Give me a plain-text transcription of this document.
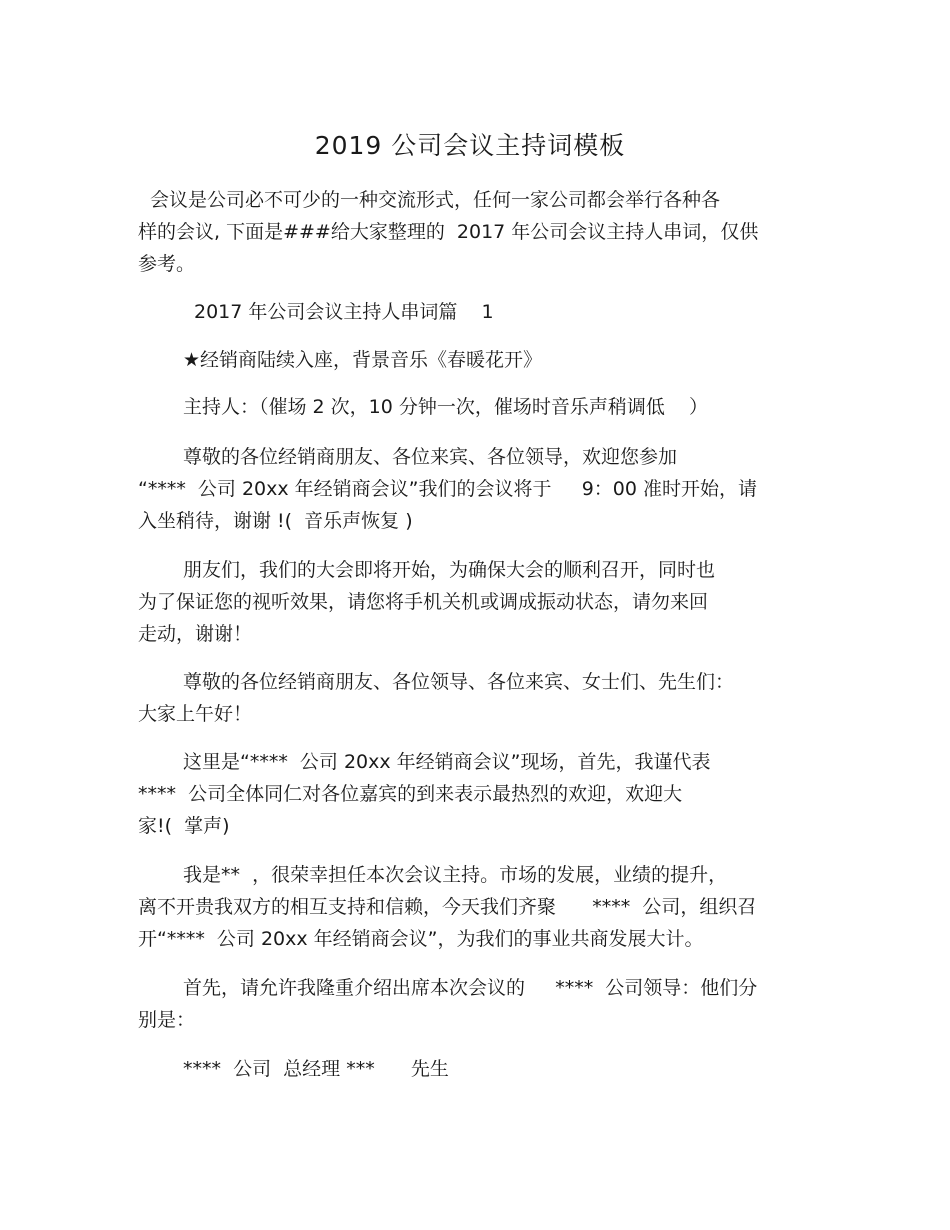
2019 公司会议主持词模板

会议是公司必不可少的一种交流形式，任何一家公司都会举行各种各
样的会议, 下面是###给大家整理的  2017 年公司会议主持人串词，仅供
参考。

2017 年公司会议主持人串词篇    1

★经销商陆续入座，背景音乐《春暖花开》

主持人：（催场 2 次，10 分钟一次，催场时音乐声稍调低    ）

尊敬的各位经销商朋友、各位来宾、各位领导，欢迎您参加
“****  公司 20xx 年经销商会议”我们的会议将于     9：00 准时开始，请
入坐稍待，谢谢 !(  音乐声恢复 )

朋友们，我们的大会即将开始，为确保大会的顺利召开，同时也
为了保证您的视听效果，请您将手机关机或调成振动状态，请勿来回
走动，谢谢！

尊敬的各位经销商朋友、各位领导、各位来宾、女士们、先生们：
大家上午好！

这里是“****  公司 20xx 年经销商会议”现场，首先，我谨代表
****  公司全体同仁对各位嘉宾的到来表示最热烈的欢迎，欢迎大
家!(  掌声)

我是**  ，很荣幸担任本次会议主持。市场的发展，业绩的提升，
离不开贵我双方的相互支持和信赖，今天我们齐聚      ****  公司，组织召
开“****  公司 20xx 年经销商会议”，为我们的事业共商发展大计。

首先，请允许我隆重介绍出席本次会议的     ****  公司领导：他们分
别是：

****  公司  总经理 ***      先生
